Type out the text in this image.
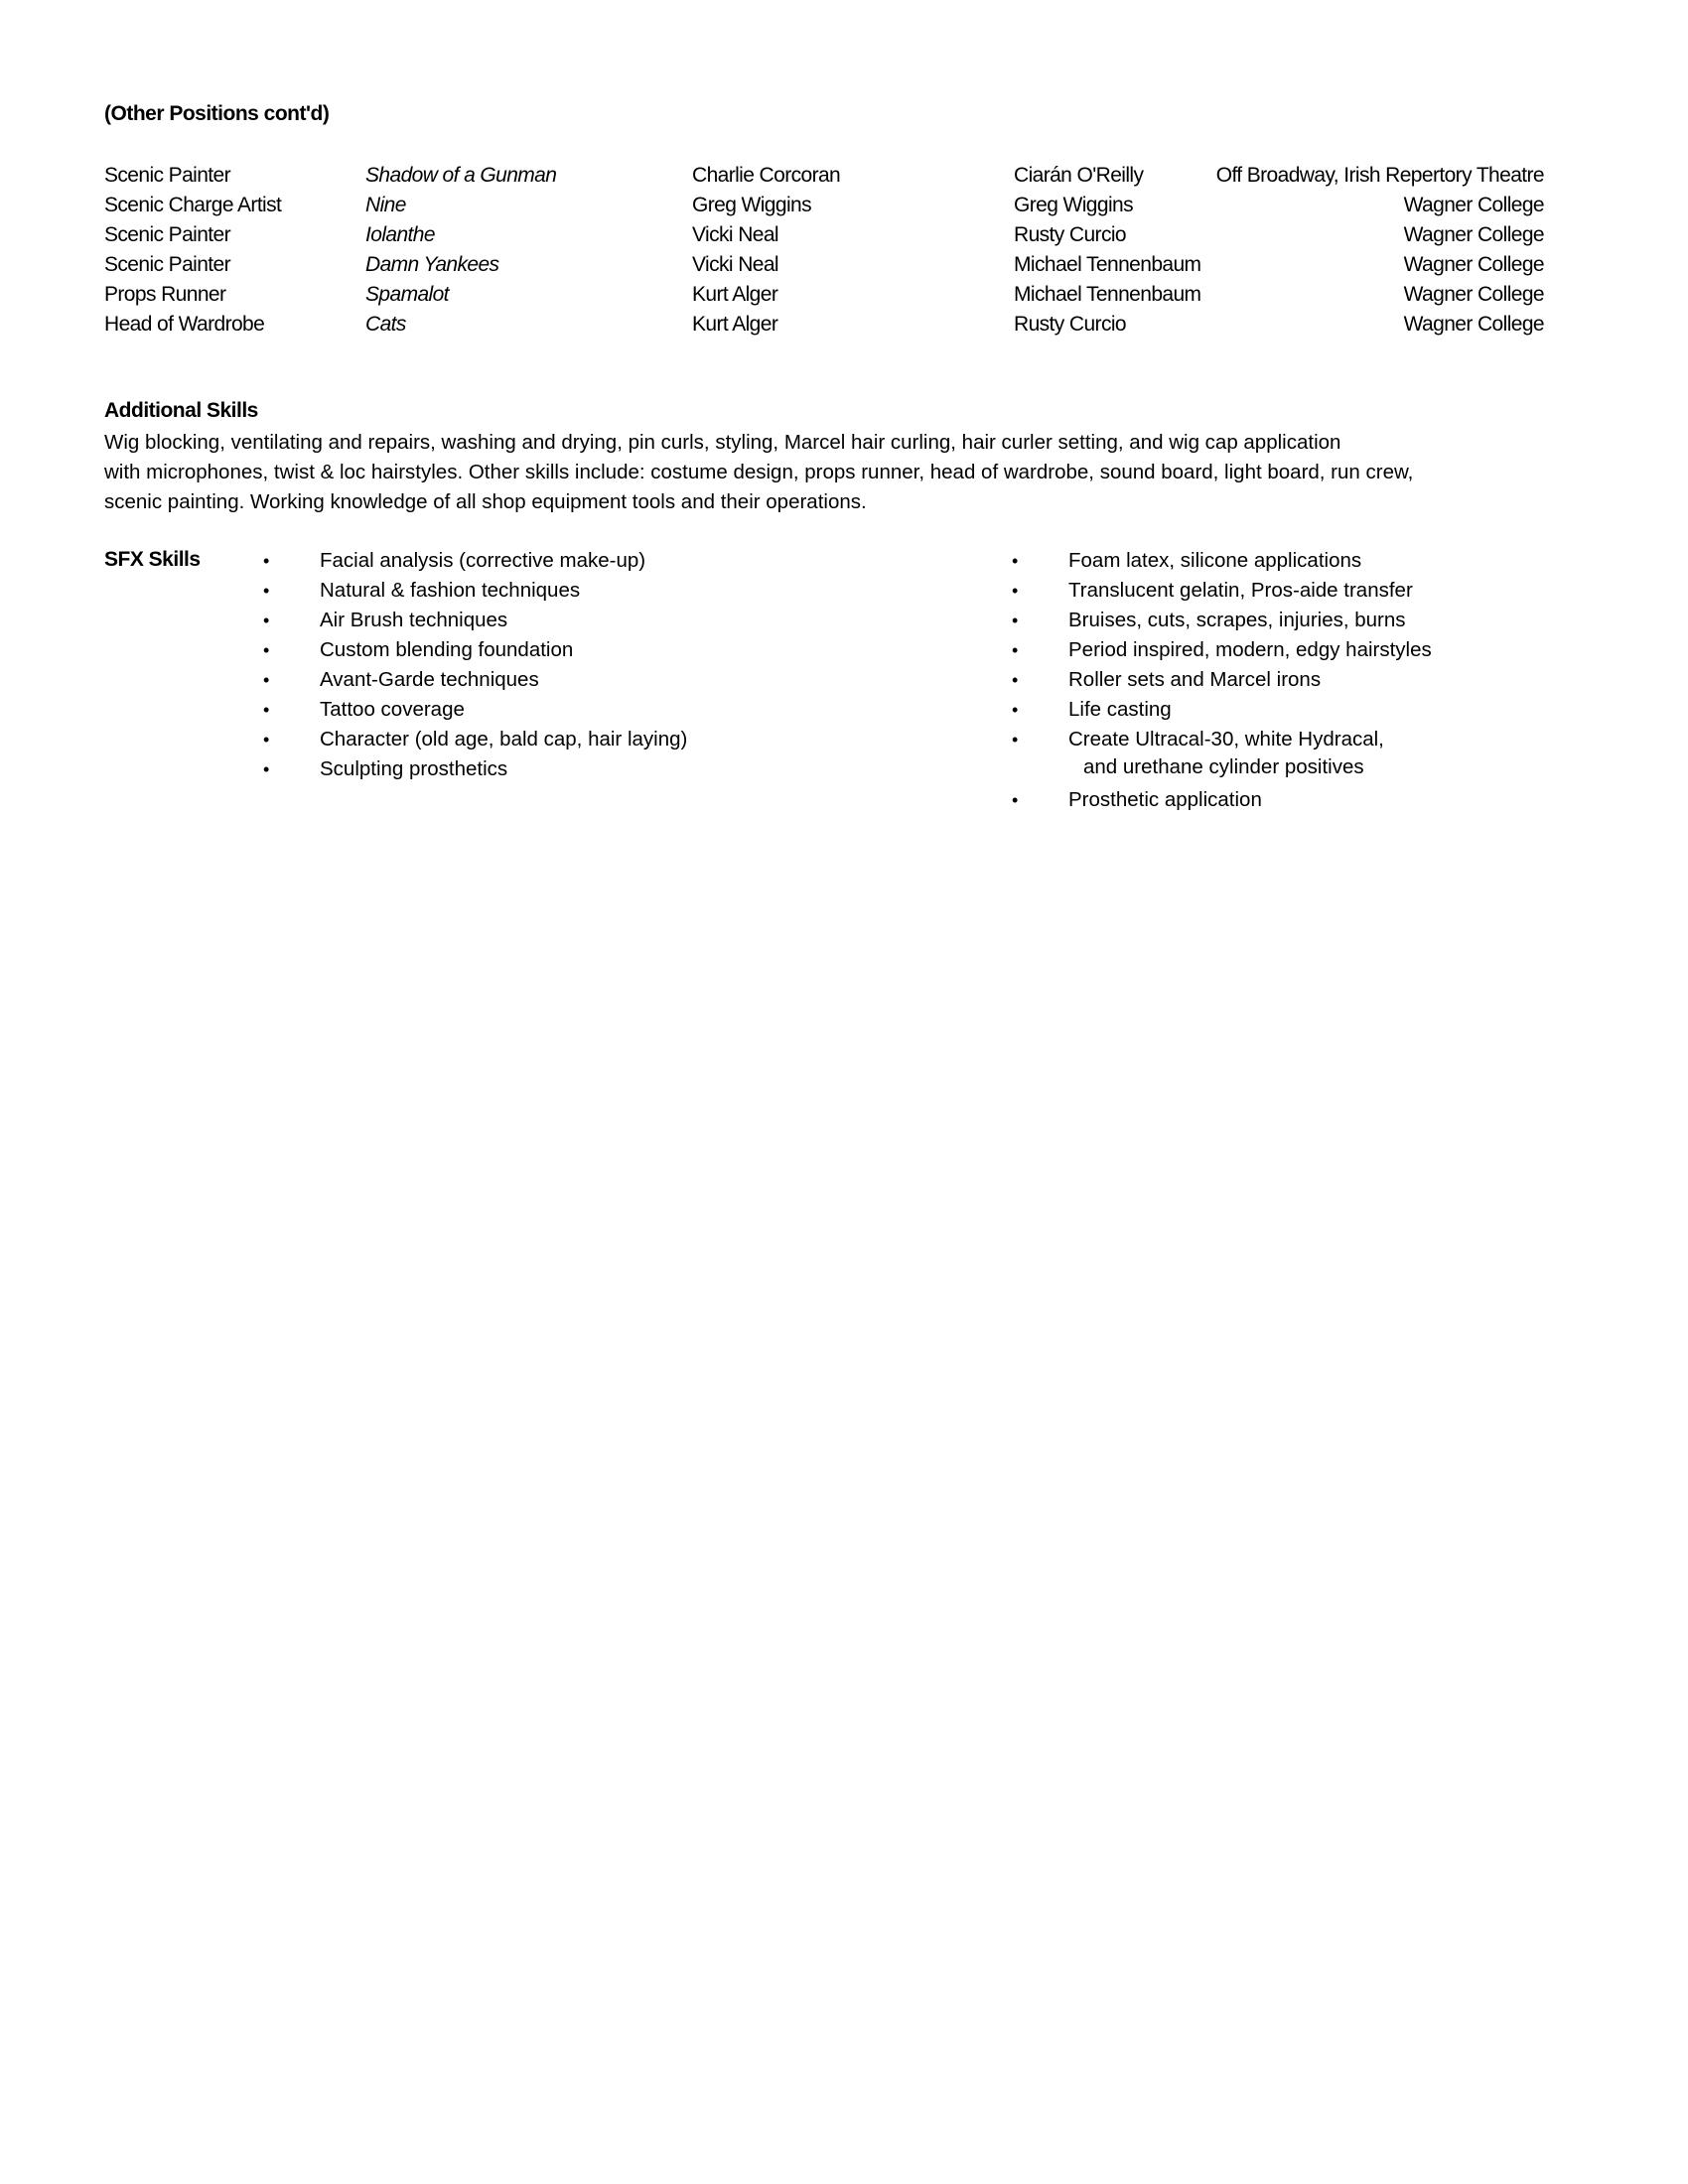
(Other Positions cont'd)
Scenic Painter	Shadow of a Gunman	Charlie Corcoran	Ciarán O'Reilly	Off Broadway, Irish Repertory Theatre
Scenic Charge Artist	Nine	Greg Wiggins	Greg Wiggins	Wagner College
Scenic Painter	Iolanthe	Vicki Neal	Rusty Curcio	Wagner College
Scenic Painter	Damn Yankees	Vicki Neal	Michael Tennenbaum	Wagner College
Props Runner	Spamalot	Kurt Alger	Michael Tennenbaum	Wagner College
Head of Wardrobe	Cats	Kurt Alger	Rusty Curcio	Wagner College
Additional Skills
Wig blocking, ventilating and repairs, washing and drying, pin curls, styling, Marcel hair curling, hair curler setting, and wig cap application
with microphones, twist & loc hairstyles. Other skills include: costume design, props runner, head of wardrobe, sound board, light board, run crew,
scenic painting. Working knowledge of all shop equipment tools and their operations.
SFX Skills	• Facial analysis (corrective make-up)
• Natural & fashion techniques
• Air Brush techniques
• Custom blending foundation
• Avant-Garde techniques
• Tattoo coverage
• Character (old age, bald cap, hair laying)
• Sculpting prosthetics
• Foam latex, silicone applications
• Translucent gelatin, Pros-aide transfer
• Bruises, cuts, scrapes, injuries, burns
• Period inspired, modern, edgy hairstyles
• Roller sets and Marcel irons
• Life casting
• Create Ultracal-30, white Hydracal,
and urethane cylinder positives
• Prosthetic application
